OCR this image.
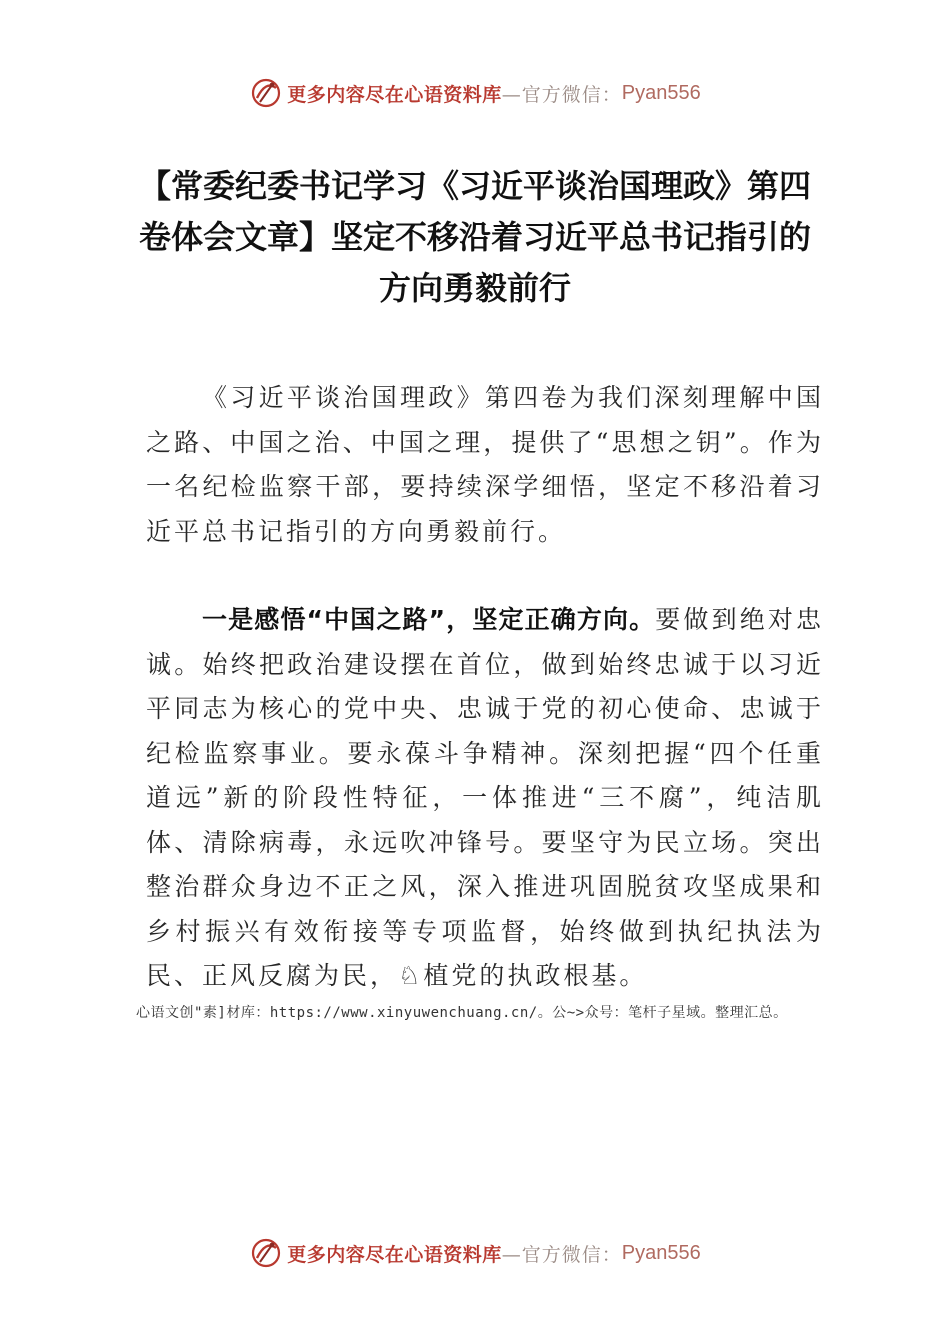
更多内容尽在心语资料库 —官方微信： Pyan556
【常委纪委书记学习《习近平谈治国理政》第四卷体会文章】坚定不移沿着习近平总书记指引的方向勇毅前行

《习近平谈治国理政》第四卷为我们深刻理解中国之路、中国之治、中国之理，提供了“思想之钥”。作为一名纪检监察干部，要持续深学细悟，坚定不移沿着习近平总书记指引的方向勇毅前行。

一是感悟“中国之路”，坚定正确方向。要做到绝对忠诚。始终把政治建设摆在首位，做到始终忠诚于以习近平同志为核心的党中央、忠诚于党的初心使命、忠诚于纪检监察事业。要永葆斗争精神。深刻把握“四个任重道远”新的阶段性特征，一体推进“三不腐”，纯洁肌体、清除病毒，永远吹冲锋号。要坚守为民立场。突出整治群众身边不正之风，深入推进巩固脱贫攻坚成果和乡村振兴有效衔接等专项监督，始终做到执纪执法为民、正风反腐为民，♘植党的执政根基。

心语文创"素]材库：https://www.xinyuwenchuang.cn/。公~>众号：笔杆子星域。整理汇总。

更多内容尽在心语资料库 —官方微信： Pyan556
